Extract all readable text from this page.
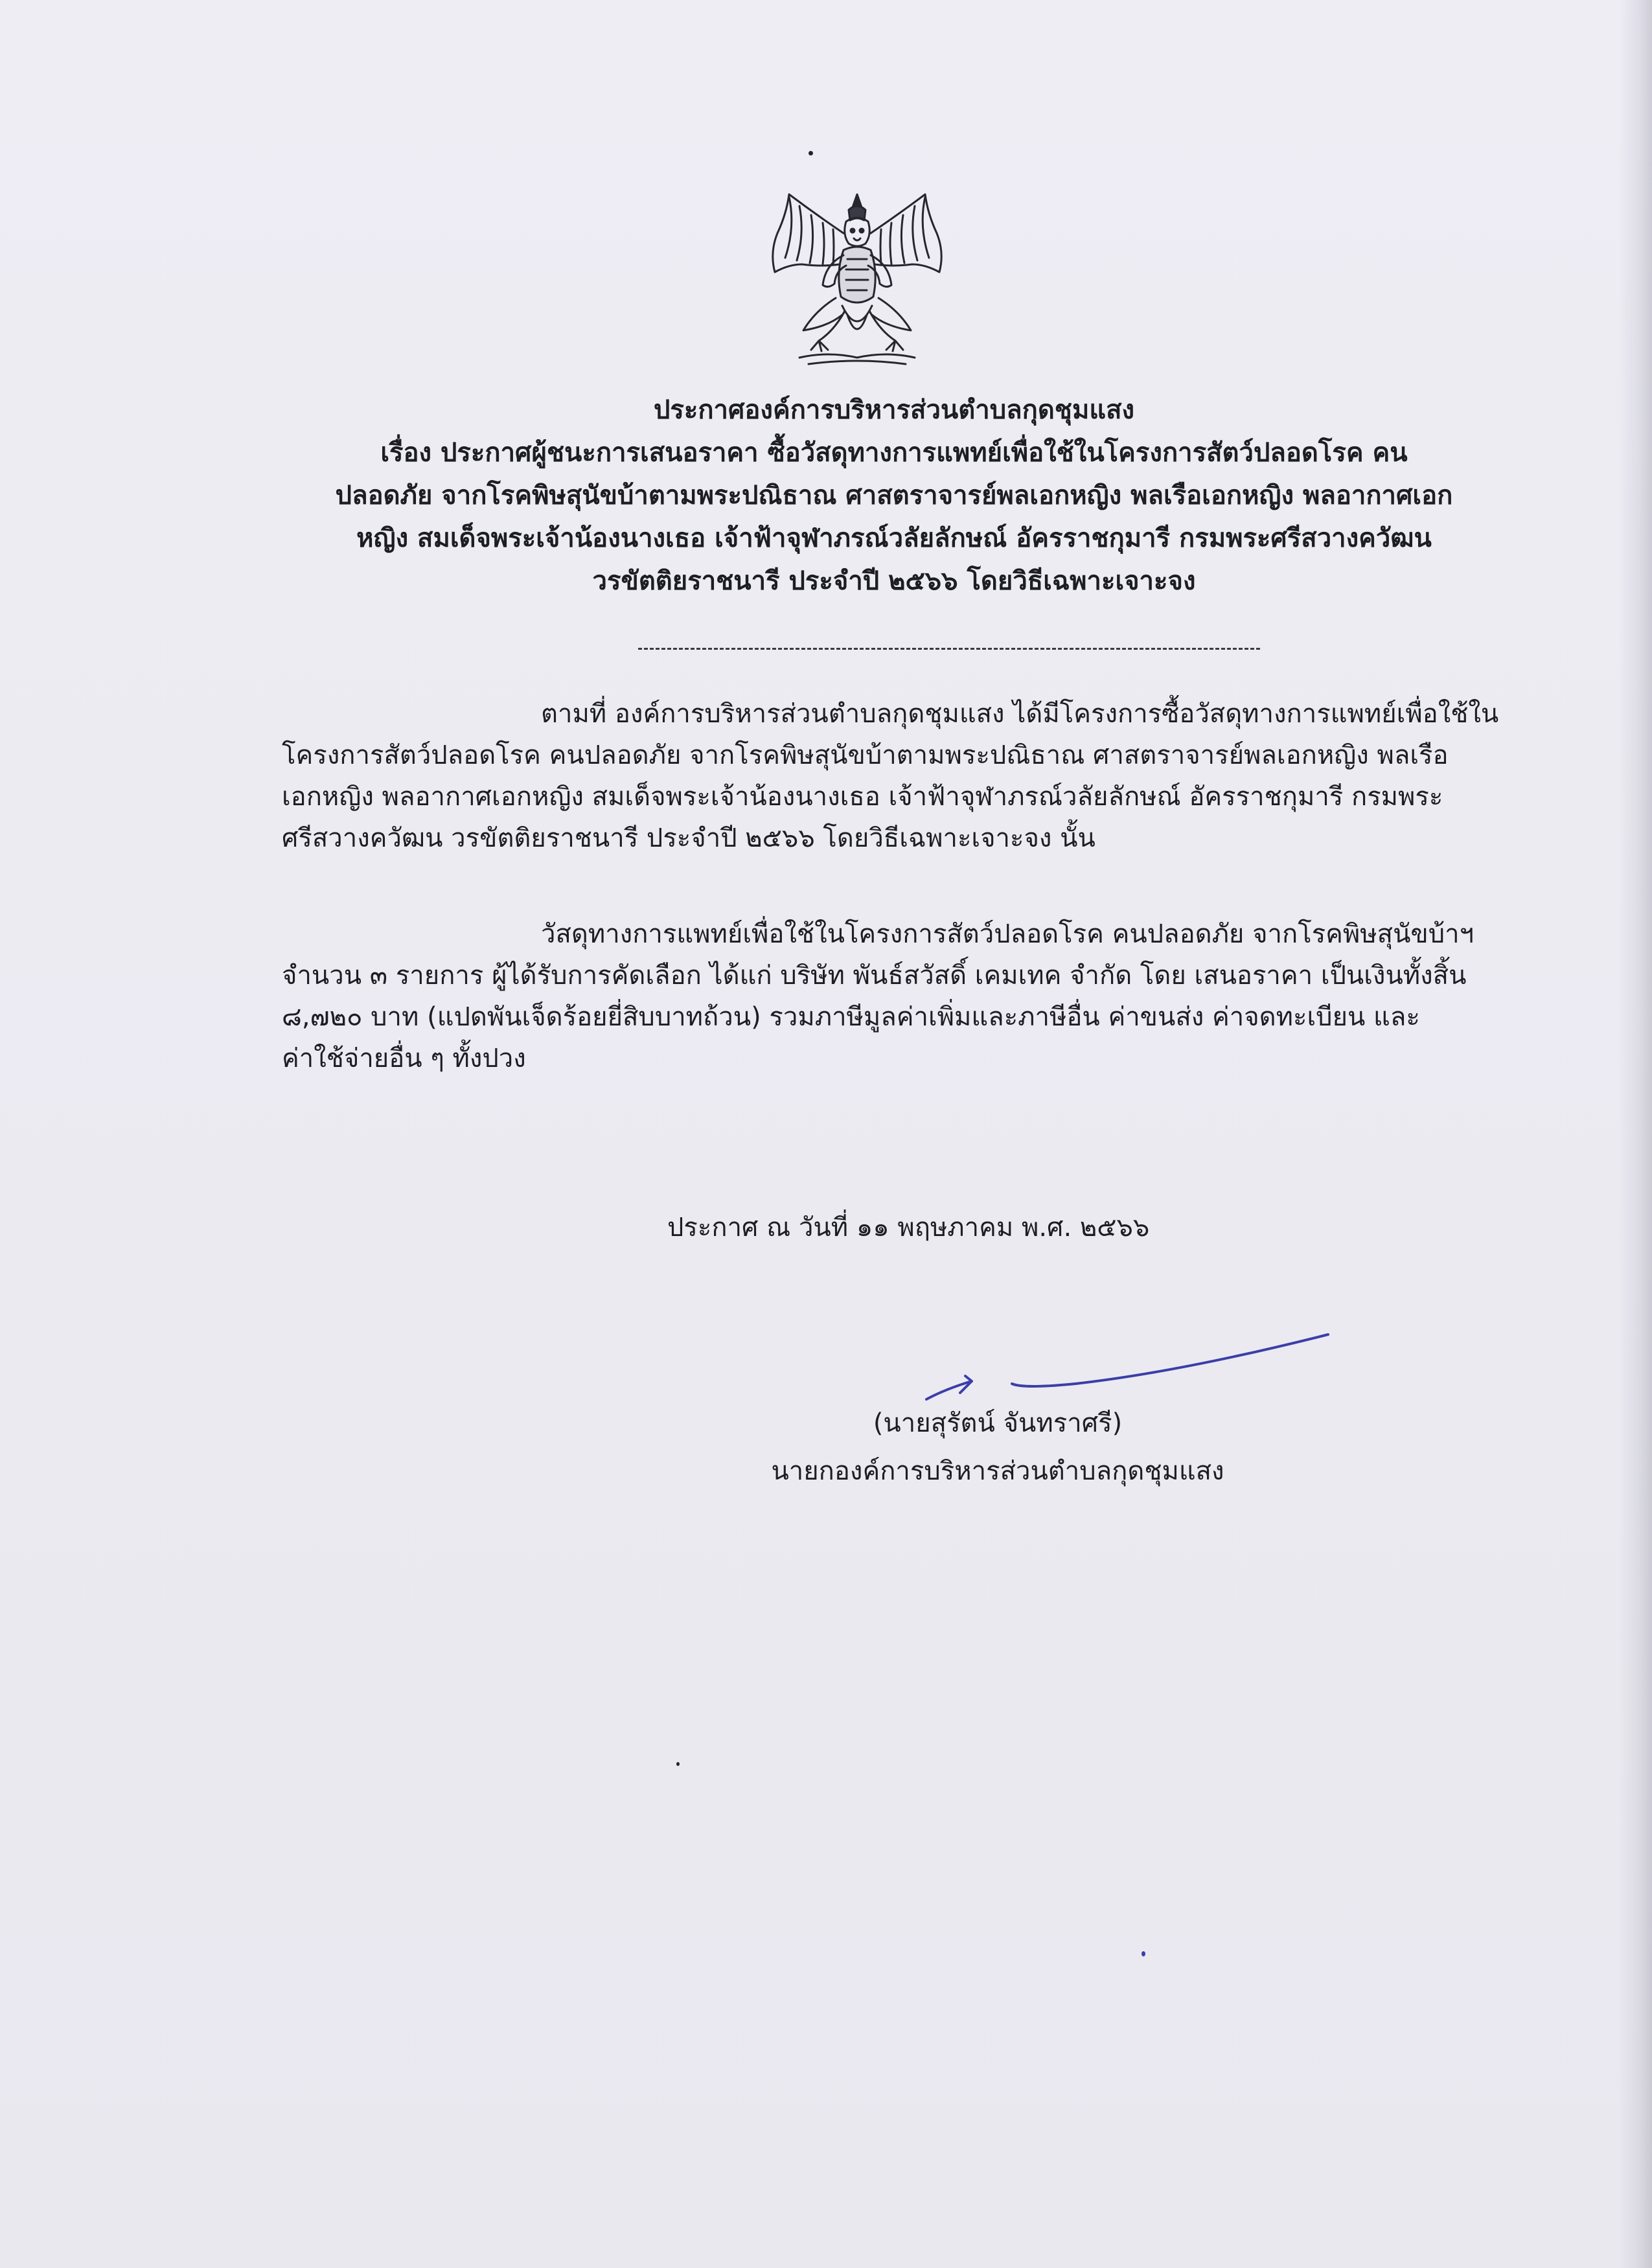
ประกาศองค์การบริหารส่วนตำบลกุดชุมแสง
เรื่อง ประกาศผู้ชนะการเสนอราคา ซื้อวัสดุทางการแพทย์เพื่อใช้ในโครงการสัตว์ปลอดโรค คน
ปลอดภัย จากโรคพิษสุนัขบ้าตามพระปณิธาณ ศาสตราจารย์พลเอกหญิง พลเรือเอกหญิง พลอากาศเอก
หญิง สมเด็จพระเจ้าน้องนางเธอ เจ้าฟ้าจุฬาภรณ์วลัยลักษณ์ อัครราชกุมารี กรมพระศรีสวางควัฒน
วรขัตติยราชนารี ประจำปี ๒๕๖๖ โดยวิธีเฉพาะเจาะจง
ตามที่ องค์การบริหารส่วนตำบลกุดชุมแสง ได้มีโครงการซื้อวัสดุทางการแพทย์เพื่อใช้ใน
โครงการสัตว์ปลอดโรค คนปลอดภัย จากโรคพิษสุนัขบ้าตามพระปณิธาณ ศาสตราจารย์พลเอกหญิง พลเรือ
เอกหญิง พลอากาศเอกหญิง สมเด็จพระเจ้าน้องนางเธอ เจ้าฟ้าจุฬาภรณ์วลัยลักษณ์ อัครราชกุมารี กรมพระ
ศรีสวางควัฒน วรขัตติยราชนารี ประจำปี ๒๕๖๖ โดยวิธีเฉพาะเจาะจง นั้น
วัสดุทางการแพทย์เพื่อใช้ในโครงการสัตว์ปลอดโรค คนปลอดภัย จากโรคพิษสุนัขบ้าฯ
จำนวน ๓ รายการ ผู้ได้รับการคัดเลือก ได้แก่ บริษัท พันธ์สวัสดิ์ เคมเทค จำกัด โดย เสนอราคา เป็นเงินทั้งสิ้น
๘,๗๒๐ บาท (แปดพันเจ็ดร้อยยี่สิบบาทถ้วน) รวมภาษีมูลค่าเพิ่มและภาษีอื่น ค่าขนส่ง ค่าจดทะเบียน และ
ค่าใช้จ่ายอื่น ๆ ทั้งปวง
ประกาศ ณ วันที่ ๑๑ พฤษภาคม พ.ศ. ๒๕๖๖
(นายสุรัตน์ จันทราศรี)
นายกองค์การบริหารส่วนตำบลกุดชุมแสง
